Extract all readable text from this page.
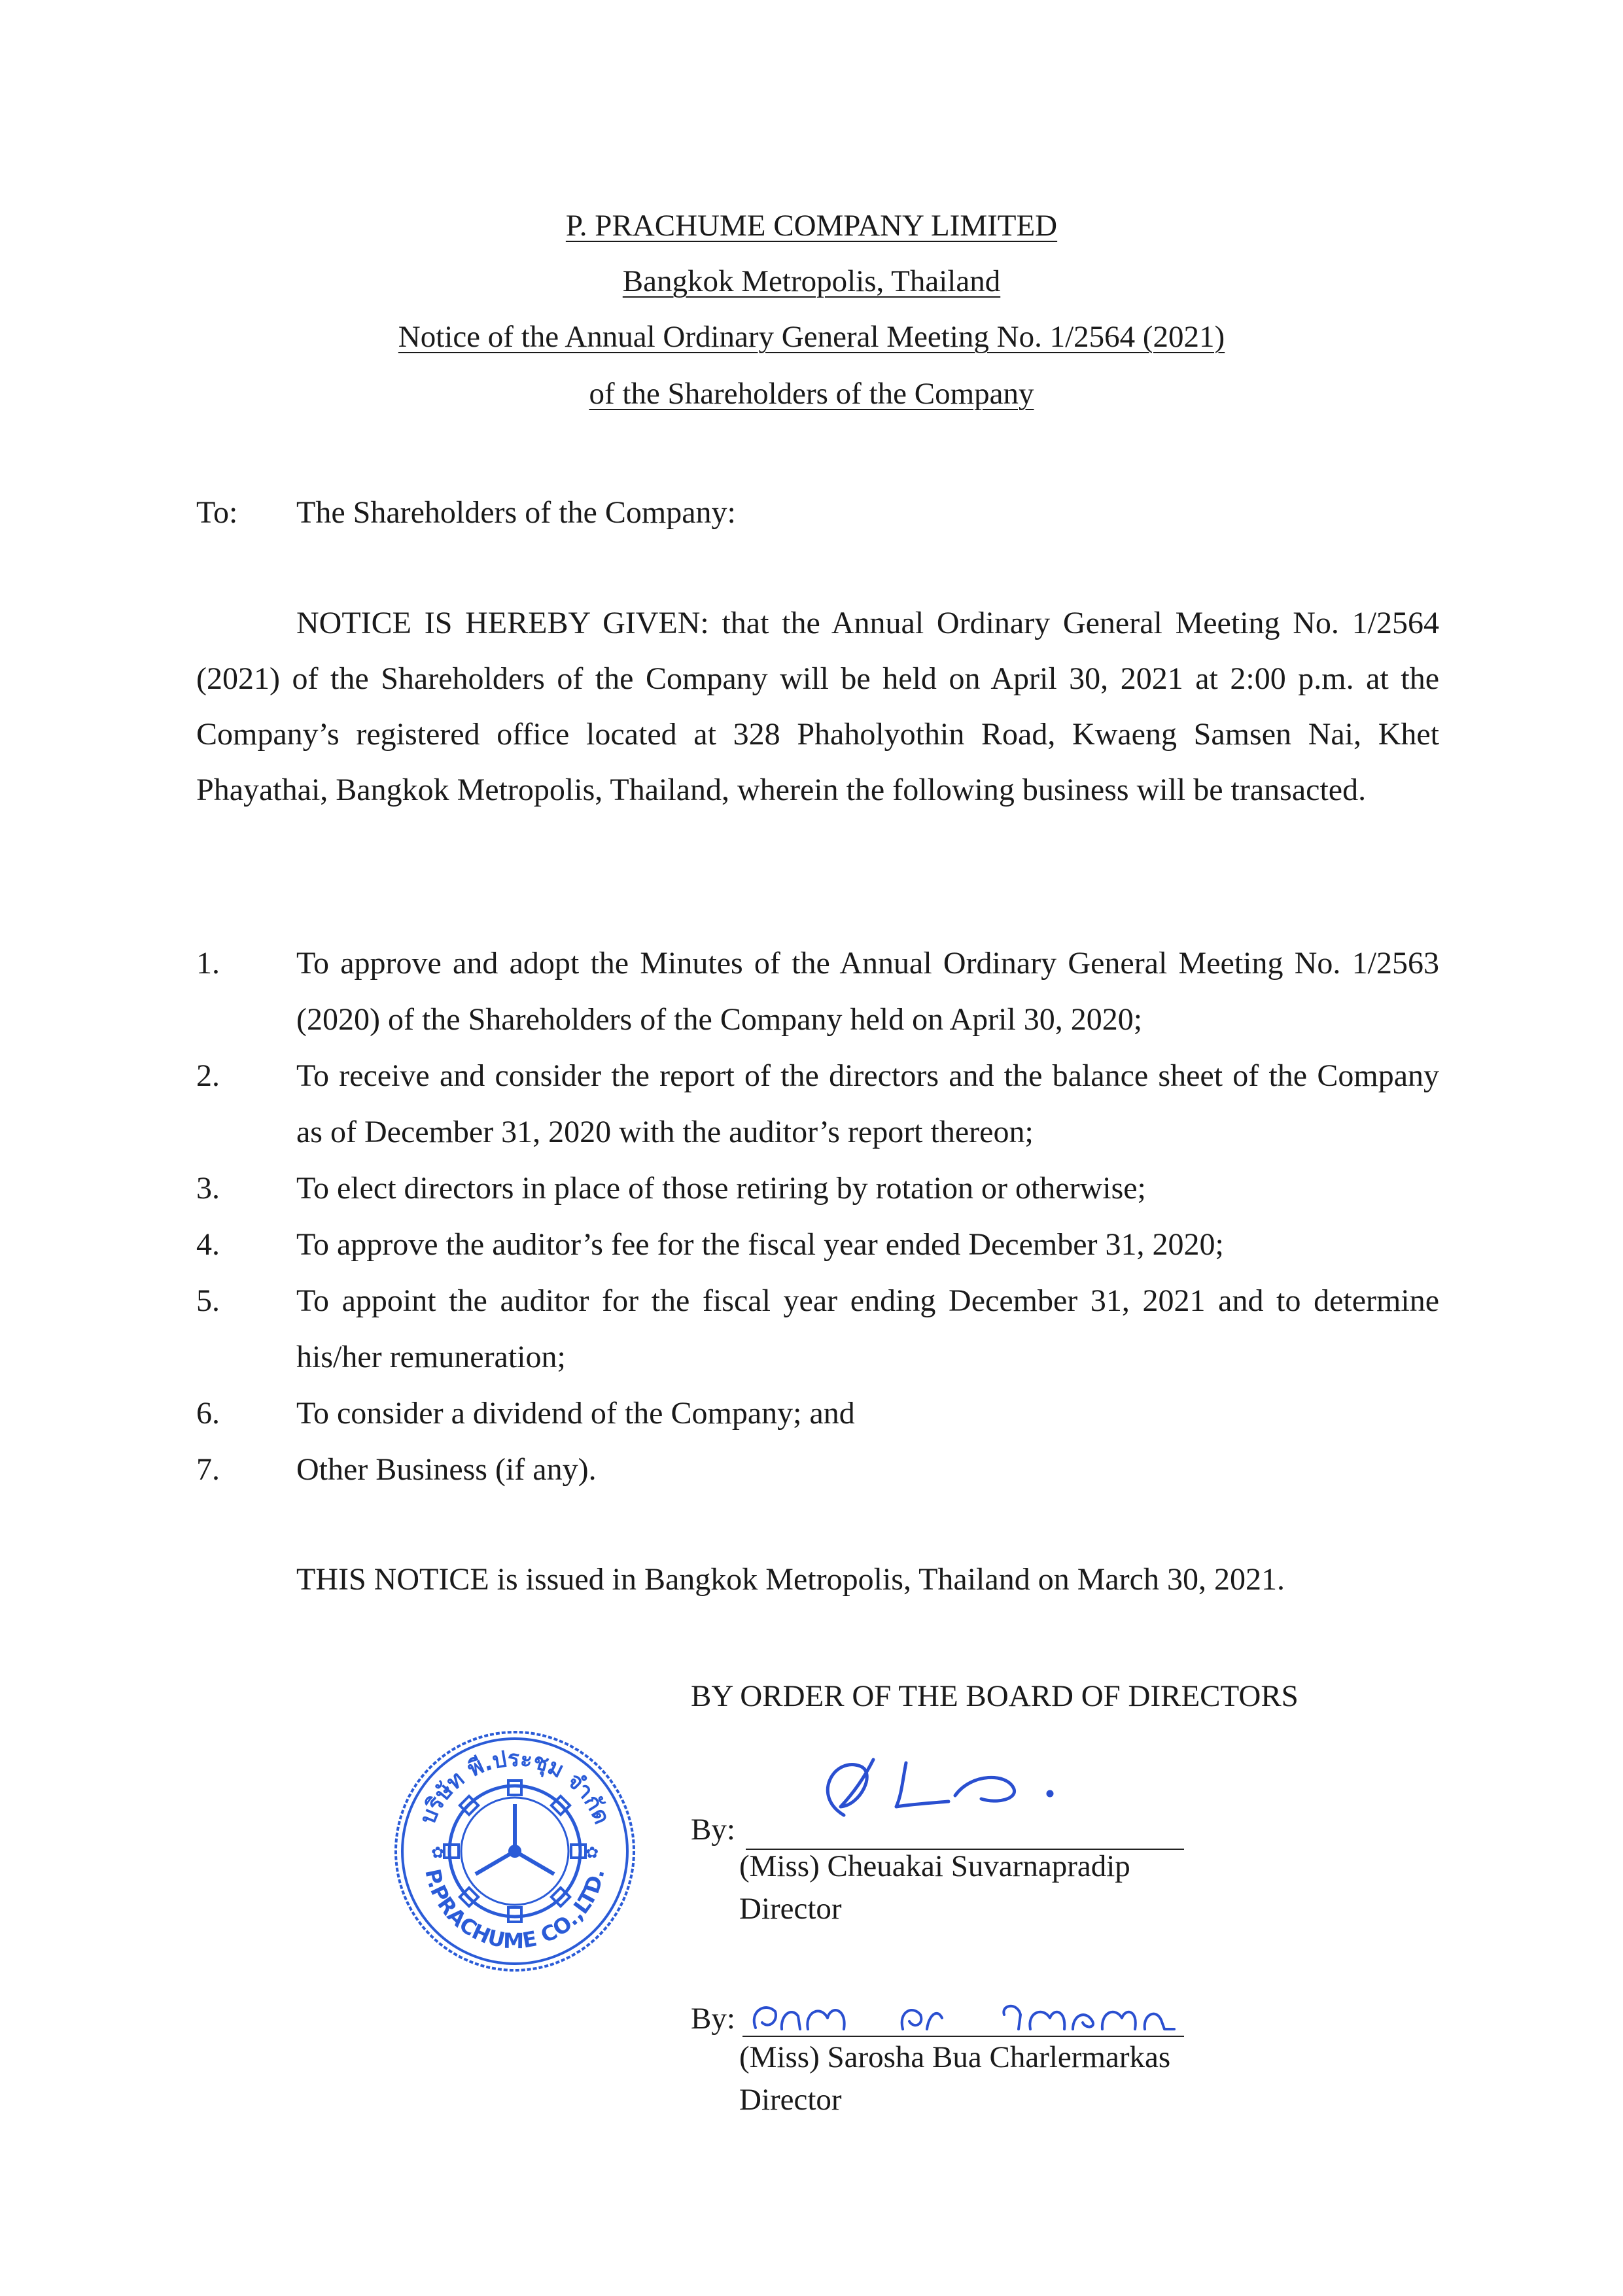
P. PRACHUME COMPANY LIMITED
Bangkok Metropolis, Thailand
Notice of the Annual Ordinary General Meeting No. 1/2564 (2021)
of the Shareholders of the Company
To: The Shareholders of the Company:
NOTICE IS HEREBY GIVEN: that the Annual Ordinary General Meeting No. 1/2564 (2021) of the Shareholders of the Company will be held on April 30, 2021 at 2:00 p.m. at the Company’s registered office located at 328 Phaholyothin Road, Kwaeng Samsen Nai, Khet Phayathai, Bangkok Metropolis, Thailand, wherein the following business will be transacted.
1.	To approve and adopt the Minutes of the Annual Ordinary General Meeting No. 1/2563 (2020) of the Shareholders of the Company held on April 30, 2020;
2.	To receive and consider the report of the directors and the balance sheet of the Company as of December 31, 2020 with the auditor’s report thereon;
3.	To elect directors in place of those retiring by rotation or otherwise;
4.	To approve the auditor’s fee for the fiscal year ended December 31, 2020;
5.	To appoint the auditor for the fiscal year ending December 31, 2021 and to determine his/her remuneration;
6.	To consider a dividend of the Company; and
7.	Other Business (if any).
THIS NOTICE is issued in Bangkok Metropolis, Thailand on March 30, 2021.
BY ORDER OF THE BOARD OF DIRECTORS
บริษัท พี.ประชุม จำกัด
P.PRACHUME CO.,LTD.
✿	✿
By:
(Miss) Cheuakai Suvarnapradip
Director
By:
(Miss) Sarosha Bua Charlermarkas
Director
